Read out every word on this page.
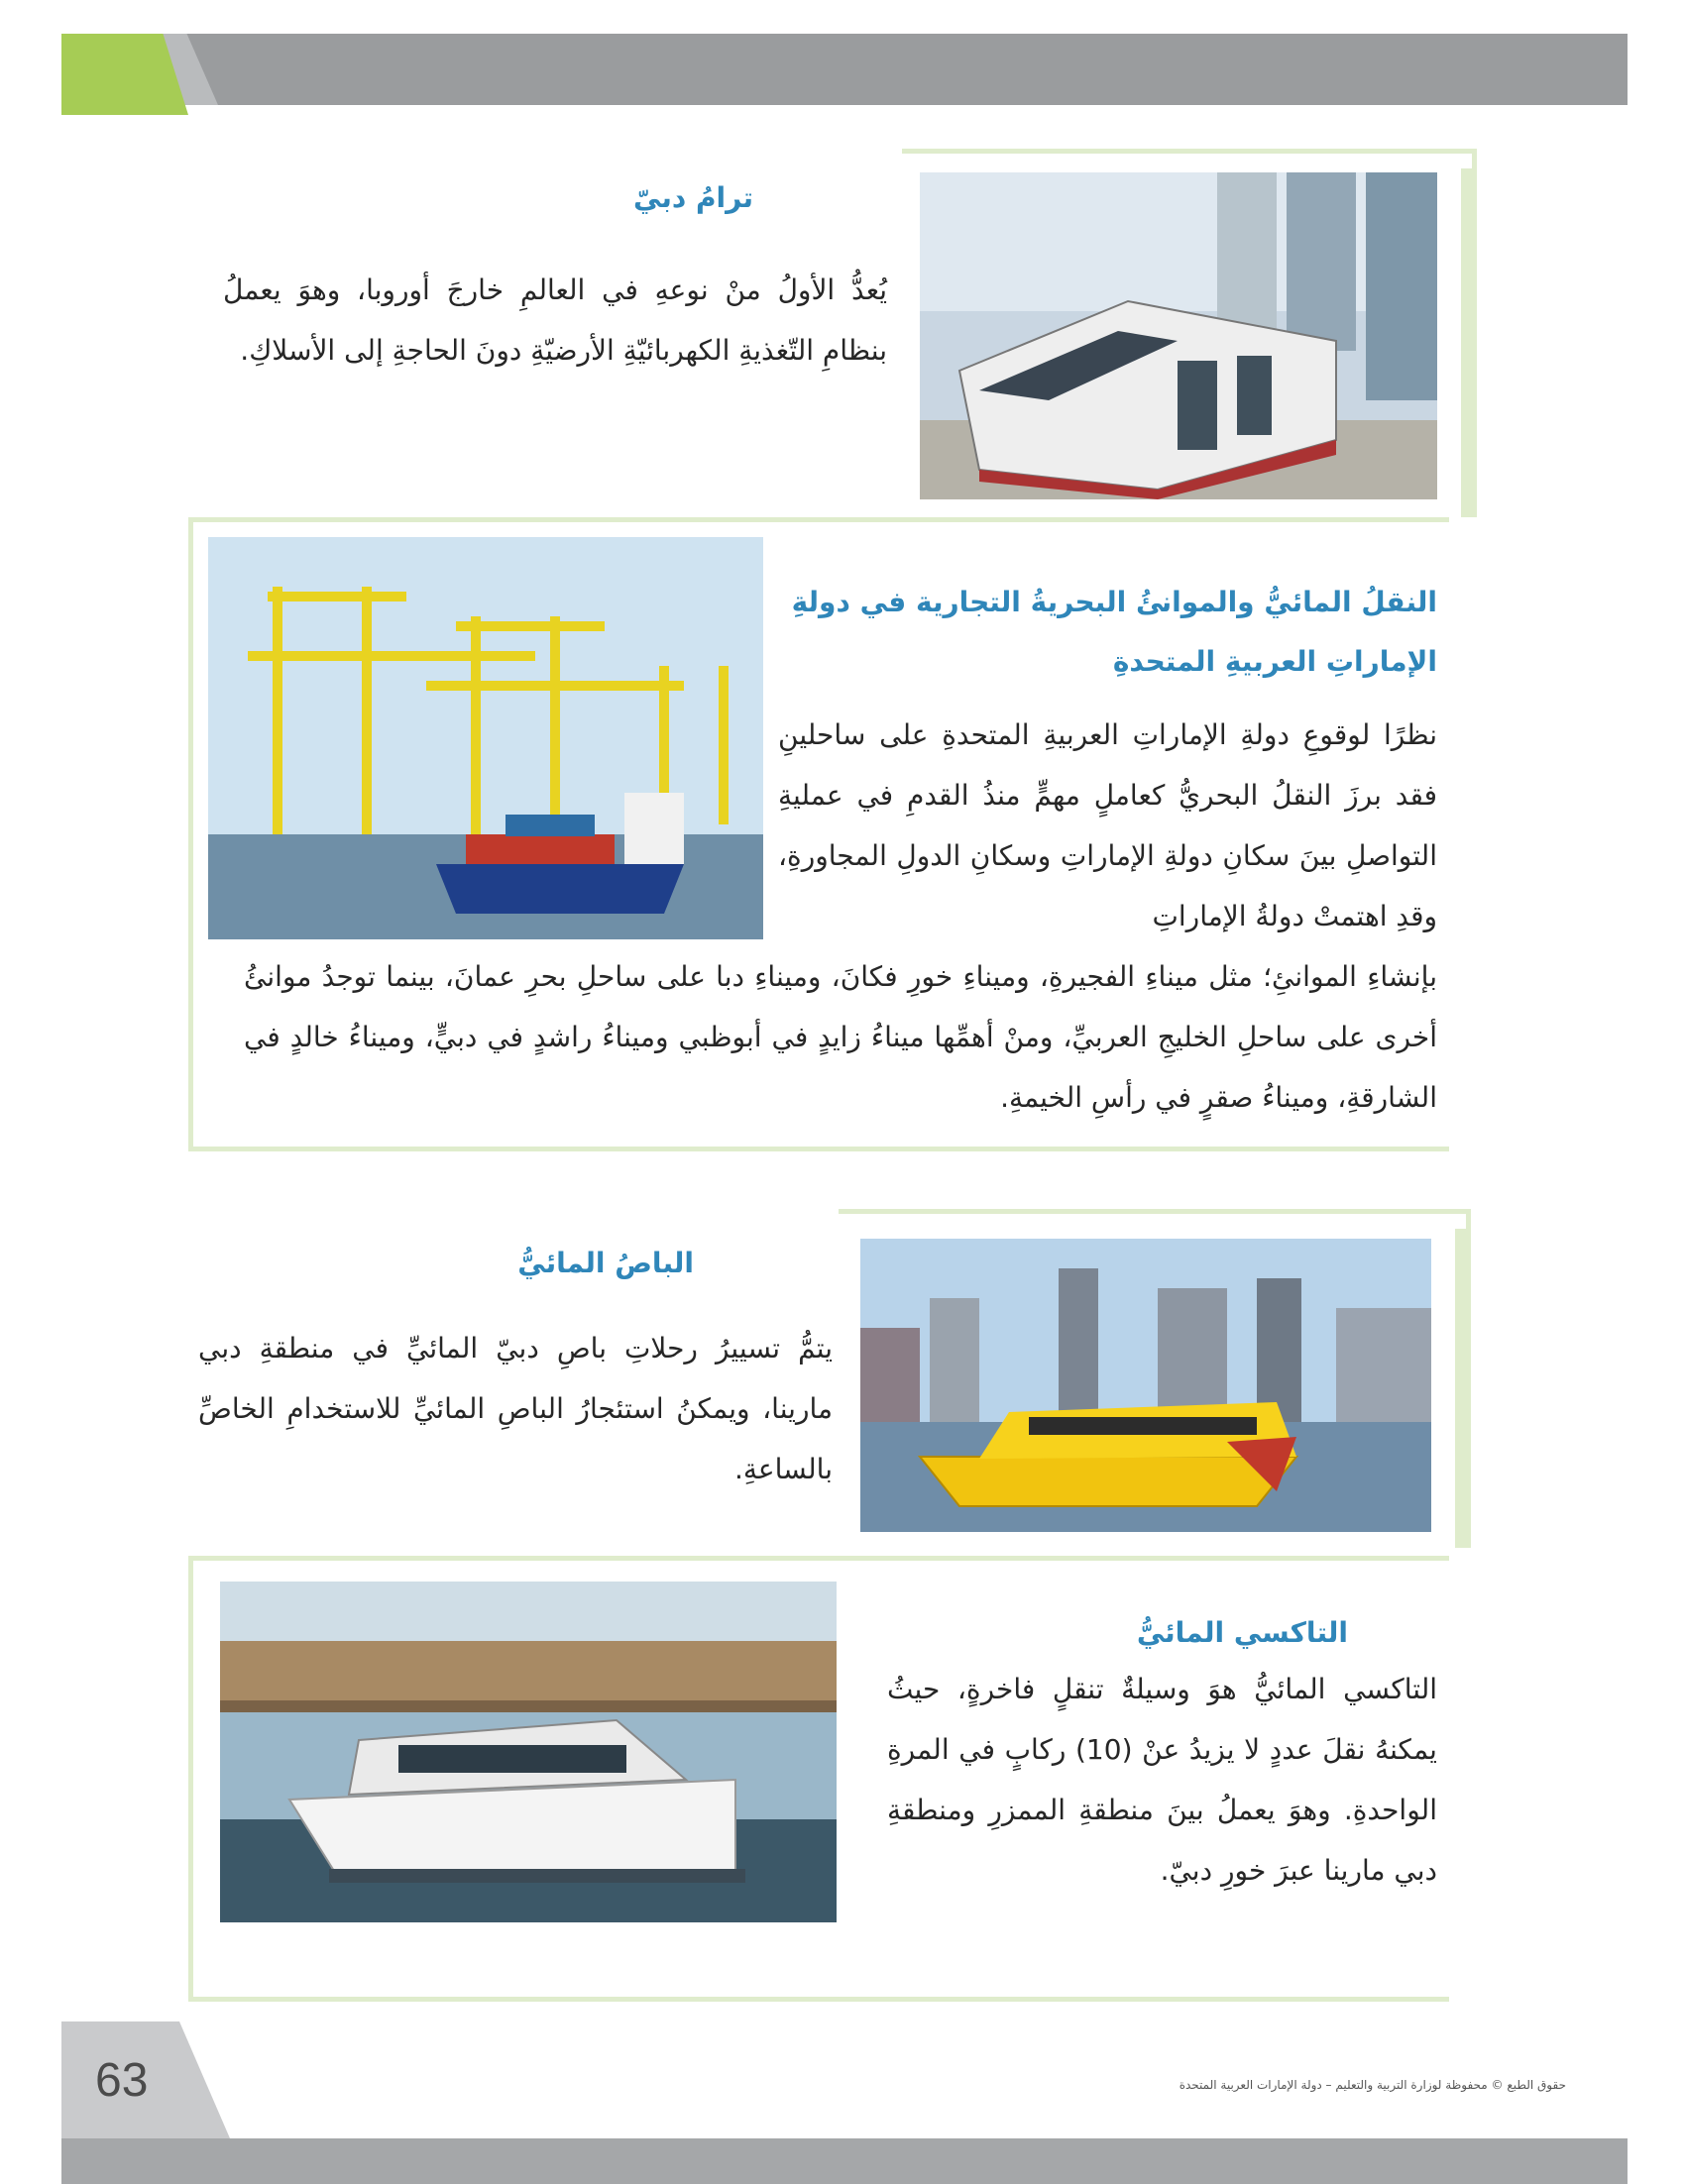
ترامُ دبيّ
يُعدُّ الأولُ منْ نوعهِ في العالمِ خارجَ أوروبا، وهوَ يعملُ بنظامِ التّغذيةِ الكهربائيّةِ الأرضيّةِ دونَ الحاجةِ إلى الأسلاكِ.
النقلُ المائيُّ والموانئُ البحريةُ التجارية في دولةِ
الإماراتِ العربيةِ المتحدةِ
نظرًا لوقوعِ دولةِ الإماراتِ العربيةِ المتحدةِ على ساحلينِ فقد برزَ النقلُ البحريُّ كعاملٍ مهمٍّ منذُ القدمِ في عمليةِ التواصلِ بينَ سكانِ دولةِ الإماراتِ وسكانِ الدولِ المجاورةِ، وقدِ اهتمتْ دولةُ الإماراتِ
بإنشاءِ الموانئِ؛ مثل ميناءِ الفجيرةِ، وميناءِ خورِ فكانَ، وميناءِ دبا على ساحلِ بحرِ عمانَ، بينما توجدُ موانئُ أخرى على ساحلِ الخليجِ العربيِّ، ومنْ أهمِّها ميناءُ زايدٍ في أبوظبي وميناءُ راشدٍ في دبيٍّ، وميناءُ خالدٍ في الشارقةِ، وميناءُ صقرٍ في رأسِ الخيمةِ.
الباصُ المائيُّ
يتمُّ تسييرُ رحلاتِ باصِ دبيّ المائيِّ في منطقةِ دبي مارينا، ويمكنُ استئجارُ الباصِ المائيِّ للاستخدامِ الخاصِّ بالساعةِ.
التاكسي المائيُّ
التاكسي المائيُّ هوَ وسيلةٌ تنقلٍ فاخرةٍ، حيثُ يمكنهُ نقلَ عددٍ لا يزيدُ عنْ (10) ركابٍ في المرةِ الواحدةِ. وهوَ يعملُ بينَ منطقةِ الممزرِ ومنطقةِ دبي مارينا عبرَ خورِ دبيّ.
63	حقوق الطبع © محفوظة لوزارة التربية والتعليم – دولة الإمارات العربية المتحدة
